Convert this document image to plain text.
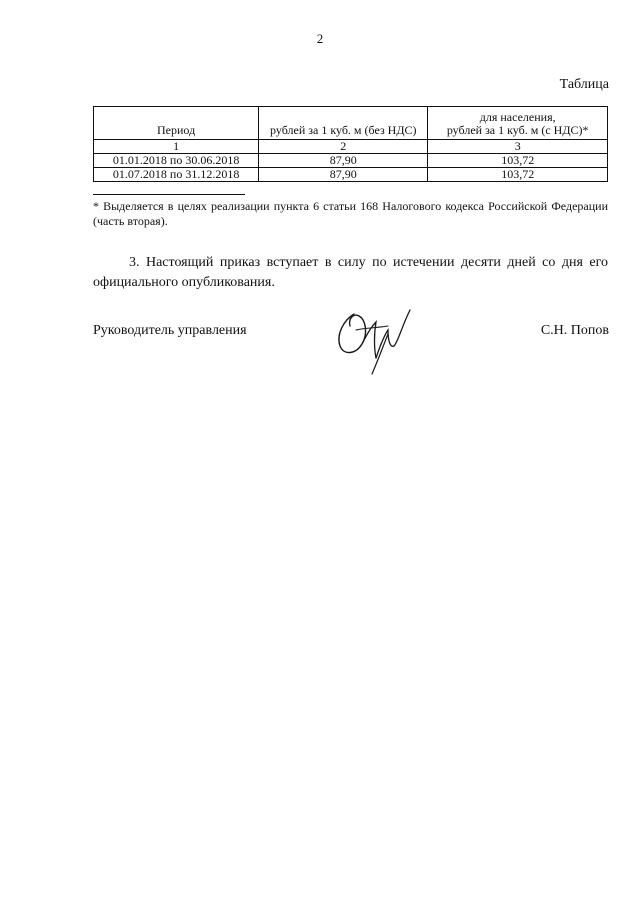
2
Таблица
Период	рублей за 1 куб. м (без НДС)	для населения,
рублей за 1 куб. м (с НДС)*
1	2	3
01.01.2018 по 30.06.2018	87,90	103,72
01.07.2018 по 31.12.2018	87,90	103,72
* Выделяется в целях реализации пункта 6 статьи 168 Налогового кодекса Российской Федерации (часть вторая).
3. Настоящий приказ вступает в силу по истечении десяти дней со дня его официального опубликования.
Руководитель управления	С.Н. Попов
